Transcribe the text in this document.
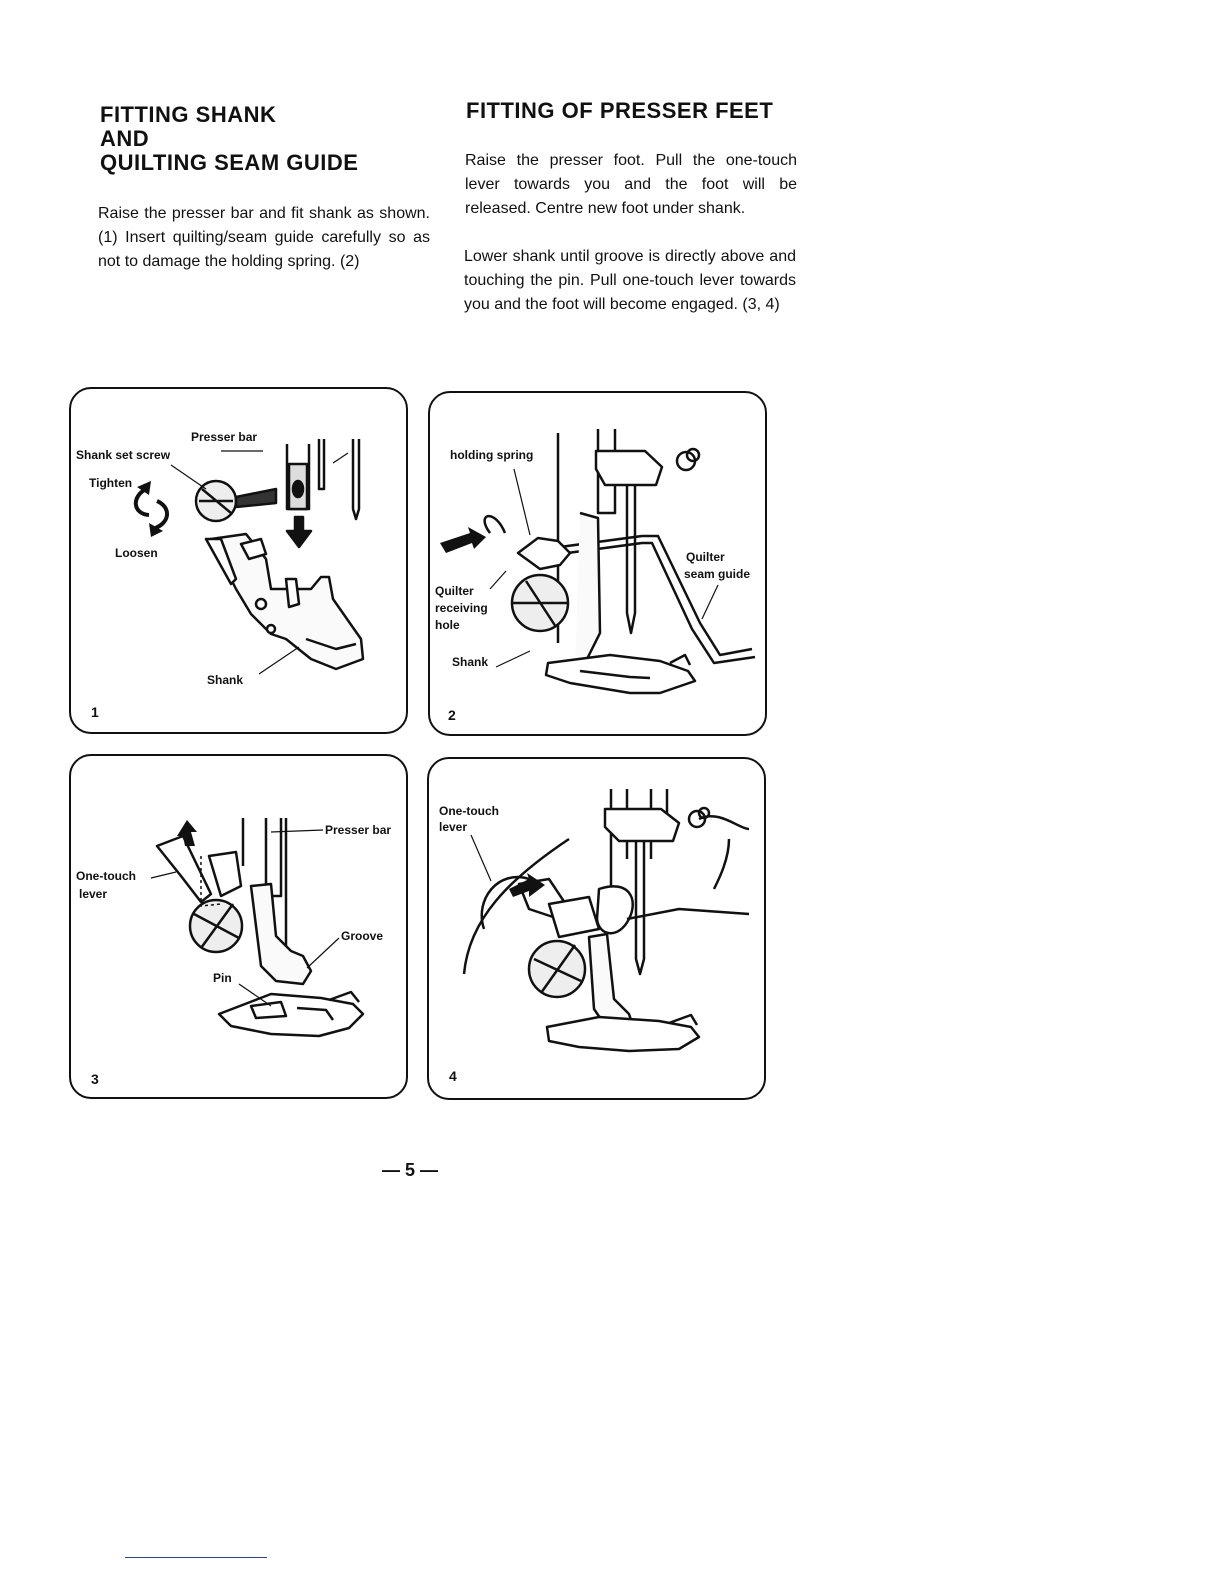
FITTING SHANK
AND
QUILTING SEAM GUIDE

Raise the presser bar and fit shank as shown. (1) Insert quilting/seam guide carefully so as not to damage the holding spring. (2)

FITTING OF PRESSER FEET

Raise the presser foot. Pull the one-touch lever towards you and the foot will be released. Centre new foot under shank.

Lower shank until groove is directly above and touching the pin. Pull one-touch lever towards you and the foot will become engaged. (3, 4)

Presser bar
Shank set screw
Tighten
Loosen
Shank
1
holding spring
Quilter
receiving
hole
Quilter
seam guide
Shank
2
Presser bar
One-touch
lever
Groove
Pin
3
One-touch
lever
4
— 5 —
